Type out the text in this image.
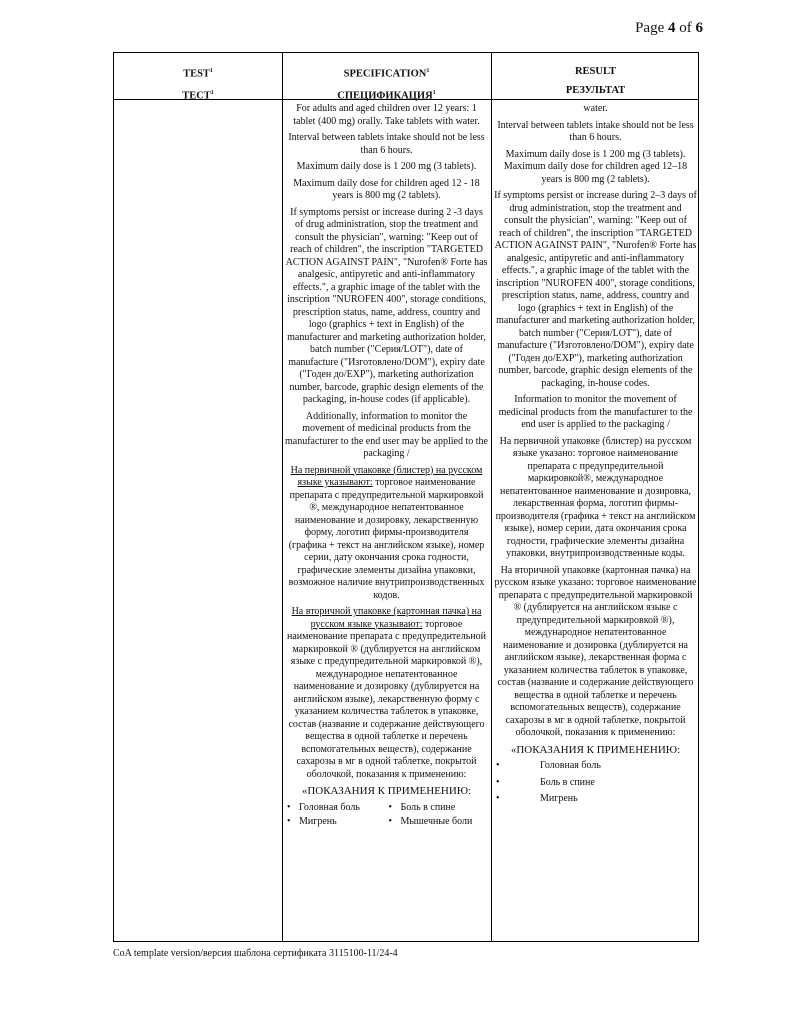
Page 4 of 6
TEST$^1$
ТЕСТ$^1$
SPECIFICATION$^1$
СПЕЦИФИКАЦИЯ$^1$
RESULT
РЕЗУЛЬТАТ

For adults and aged children over 12 years: 1 tablet (400 mg) orally. Take tablets with water.

Interval between tablets intake should not be less than 6 hours.

Maximum daily dose is 1 200 mg (3 tablets).

Maximum daily dose for children aged 12 - 18 years is 800 mg (2 tablets).

If symptoms persist or increase during 2 -3 days of drug administration, stop the treatment and consult the physician", warning: "Keep out of reach of children", the inscription "TARGETED ACTION AGAINST PAIN", "Nurofen® Forte has analgesic, antipyretic and anti-inflammatory effects.", a graphic image of the tablet with the inscription "NUROFEN 400", storage conditions, prescription status, name, address, country and logo (graphics + text in English) of the manufacturer and marketing authorization holder, batch number ("Серия/LOT"), date of manufacture ("Изготовлено/DOM"), expiry date ("Годен до/EXP"), marketing authorization number, barcode, graphic design elements of the packaging, in-house codes (if applicable).

Additionally, information to monitor the movement of medicinal products from the manufacturer to the end user may be applied to the packaging /

На первичной упаковке (блистер) на русском языке указывают: торговое наименование препарата с предупредительной маркировкой ®, международное непатентованное наименование и дозировку, лекарственную форму, логотип фирмы-производителя (графика + текст на английском языке), номер серии, дату окончания срока годности, графические элементы дизайна упаковки, возможное наличие внутрипроизводственных кодов.

На вторичной упаковке (картонная пачка) на русском языке указывают: торговое наименование препарата с предупредительной маркировкой ® (дублируется на английском языке с предупредительной маркировкой ®), международное непатентованное наименование и дозировку (дублируется на английском языке), лекарственную форму с указанием количества таблеток в упаковке, состав (название и содержание действующего вещества в одной таблетке и перечень вспомогательных веществ), содержание сахарозы в мг в одной таблетке, покрытой оболочкой, показания к применению:

«ПОКАЗАНИЯ К ПРИМЕНЕНИЮ:

• Головная боль	• Боль в спине
• Мигрень	• Мышечные боли

water.

Interval between tablets intake should not be less than 6 hours.

Maximum daily dose is 1 200 mg (3 tablets). Maximum daily dose for children aged 12–18 years is 800 mg (2 tablets).

If symptoms persist or increase during 2–3 days of drug administration, stop the treatment and consult the physician", warning: "Keep out of reach of children", the inscription "TARGETED ACTION AGAINST PAIN", "Nurofen® Forte has analgesic, antipyretic and anti-inflammatory effects.", a graphic image of the tablet with the inscription "NUROFEN 400", storage conditions, prescription status, name, address, country and logo (graphics + text in English) of the manufacturer and marketing authorization holder, batch number ("Серия/LOT"), date of manufacture ("Изготовлено/DOM"), expiry date ("Годен до/EXP"), marketing authorization number, barcode, graphic design elements of the packaging, in-house codes.

Information to monitor the movement of medicinal products from the manufacturer to the end user is applied to the packaging /

На первичной упаковке (блистер) на русском языке указано: торговое наименование препарата с предупредительной маркировкой®, международное непатентованное наименование и дозировка, лекарственная форма, логотип фирмы-производителя (графика + текст на английском языке), номер серии, дата окончания срока годности, графические элементы дизайна упаковки, внутрипроизводственные коды.

На вторичной упаковке (картонная пачка) на русском языке указано: торговое наименование препарата с предупредительной маркировкой ® (дублируется на английском языке с предупредительной маркировкой ®), международное непатентованное наименование и дозировка (дублируется на английском языке), лекарственная форма с указанием количества таблеток в упаковке, состав (название и содержание действующего вещества в одной таблетке и перечень вспомогательных веществ), содержание сахарозы в мг в одной таблетке, покрытой оболочкой, показания к применению:

«ПОКАЗАНИЯ К ПРИМЕНЕНИЮ:

• Головная боль
• Боль в спине
• Мигрень
CoA template version/версия шаблона сертификата 3115100-11/24-4
